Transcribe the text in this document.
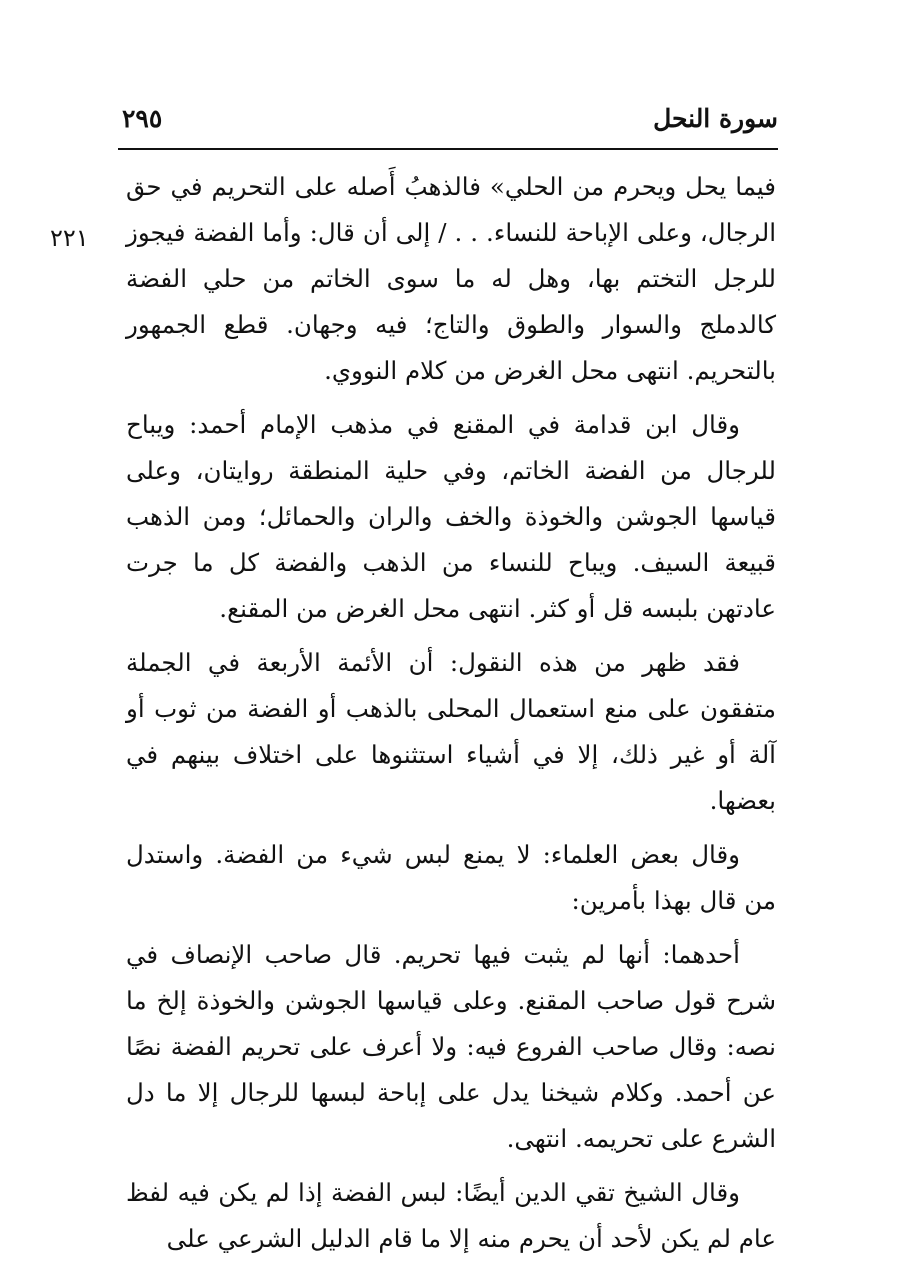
سورة النحل
٢٩٥
٢٢١

فيما يحل ويحرم من الحلي» فالذهبُ أَصله على التحريم في حق الرجال، وعلى الإباحة للنساء. . . / إلى أن قال: وأما الفضة فيجوز للرجل التختم بها، وهل له ما سوى الخاتم من حلي الفضة كالدملج والسوار والطوق والتاج؛ فيه وجهان. قطع الجمهور بالتحريم. انتهى محل الغرض من كلام النووي.

وقال ابن قدامة في المقنع في مذهب الإمام أحمد: ويباح للرجال من الفضة الخاتم، وفي حلية المنطقة روايتان، وعلى قياسها الجوشن والخوذة والخف والران والحمائل؛ ومن الذهب قبيعة السيف. ويباح للنساء من الذهب والفضة كل ما جرت عادتهن بلبسه قل أو كثر. انتهى محل الغرض من المقنع.

فقد ظهر من هذه النقول: أن الأئمة الأربعة في الجملة متفقون على منع استعمال المحلى بالذهب أو الفضة من ثوب أو آلة أو غير ذلك، إلا في أشياء استثنوها على اختلاف بينهم في بعضها.

وقال بعض العلماء: لا يمنع لبس شيء من الفضة. واستدل من قال بهذا بأمرين:

أحدهما: أنها لم يثبت فيها تحريم. قال صاحب الإنصاف في شرح قول صاحب المقنع. وعلى قياسها الجوشن والخوذة إلخ ما نصه: وقال صاحب الفروع فيه: ولا أعرف على تحريم الفضة نصًا عن أحمد. وكلام شيخنا يدل على إباحة لبسها للرجال إلا ما دل الشرع على تحريمه. انتهى.

وقال الشيخ تقي الدين أيضًا: لبس الفضة إذا لم يكن فيه لفظ عام لم يكن لأحد أن يحرم منه إلا ما قام الدليل الشرعي على
